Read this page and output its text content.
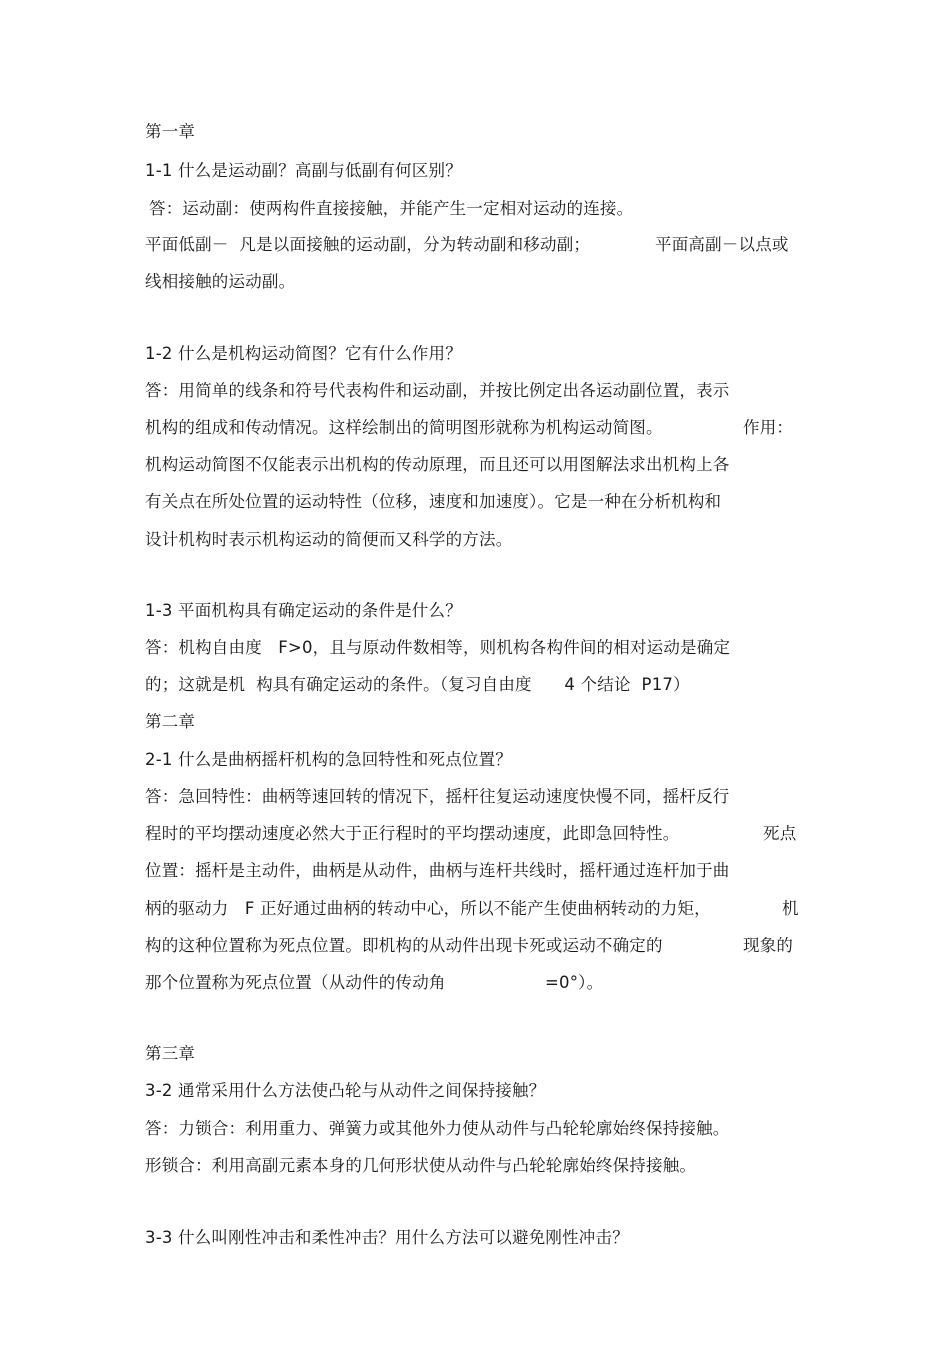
第一章
1-1 什么是运动副？高副与低副有何区别？
答：运动副：使两构件直接接触，并能产生一定相对运动的连接。
平面低副－  凡是以面接触的运动副，分为转动副和移动副；	平面高副－以点或
线相接触的运动副。
1-2 什么是机构运动简图？它有什么作用？
答：用简单的线条和符号代表构件和运动副，并按比例定出各运动副位置，表示
机构的组成和传动情况。这样绘制出的简明图形就称为机构运动简图。	作用：
机构运动简图不仅能表示出机构的传动原理，而且还可以用图解法求出机构上各
有关点在所处位置的运动特性（位移，速度和加速度）。它是一种在分析机构和
设计机构时表示机构运动的简便而又科学的方法。
1-3 平面机构具有确定运动的条件是什么？
答：机构自由度   F>0，且与原动件数相等，则机构各构件间的相对运动是确定
的；这就是机  构具有确定运动的条件。（复习自由度      4 个结论  P17）
第二章
2-1 什么是曲柄摇杆机构的急回特性和死点位置？
答：急回特性：曲柄等速回转的情况下，摇杆往复运动速度快慢不同，摇杆反行
程时的平均摆动速度必然大于正行程时的平均摆动速度，此即急回特性。	死点
位置：摇杆是主动件，曲柄是从动件，曲柄与连杆共线时，摇杆通过连杆加于曲
柄的驱动力   F 正好通过曲柄的转动中心，所以不能产生使曲柄转动的力矩，	机
构的这种位置称为死点位置。即机构的从动件出现卡死或运动不确定的	现象的
那个位置称为死点位置（从动件的传动角	=0°）。
第三章
3-2 通常采用什么方法使凸轮与从动件之间保持接触？
答：力锁合：利用重力、弹簧力或其他外力使从动件与凸轮轮廓始终保持接触。
形锁合：利用高副元素本身的几何形状使从动件与凸轮轮廓始终保持接触。
3-3 什么叫刚性冲击和柔性冲击？用什么方法可以避免刚性冲击？
